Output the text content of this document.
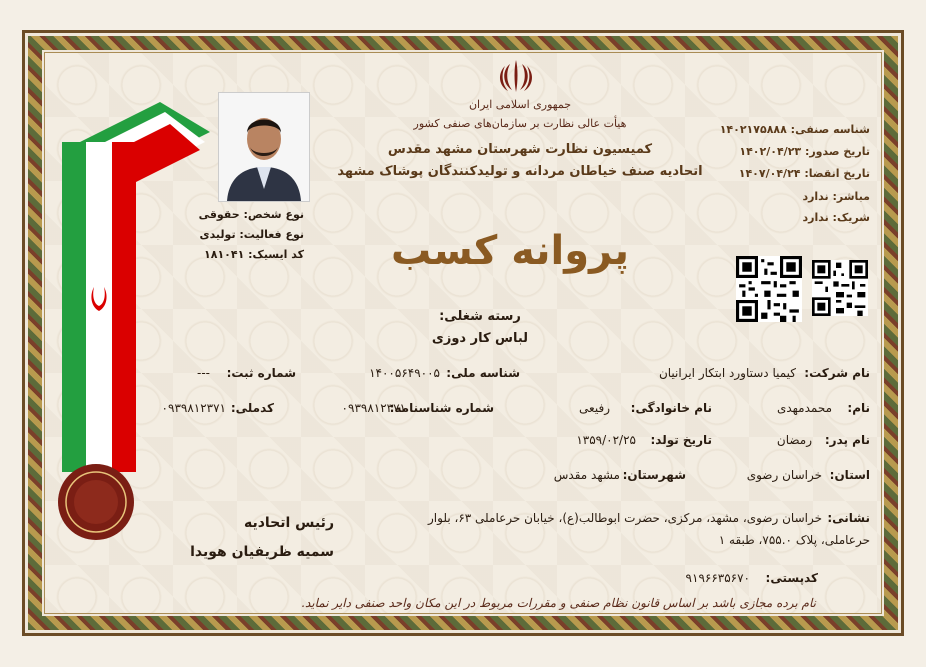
جمهوری اسلامی ایران
هیأت عالی نظارت بر سازمان‌های صنفی کشور
کمیسیون نظارت شهرستان مشهد مقدس
اتحادیه صنف خیاطان مردانه و تولیدکنندگان پوشاک مشهد
پروانه کسب
رسته شغلی:
لباس کار دوزی
شناسه صنفی: ۱۴۰۲۱۷۵۸۸۸
تاریخ صدور: ۱۴۰۲/۰۴/۲۳
تاریخ انقضا: ۱۴۰۷/۰۴/۲۴
مباشر: ندارد
شریک: ندارد
نوع شخص: حقوقی
نوع فعالیت: تولیدی
کد ایسیک: ۱۸۱۰۴۱
نام شرکت:
کیمیا دستاورد ابتکار ایرانیان
شناسه ملی:
۱۴۰۰۵۶۴۹۰۰۵
شماره ثبت:
---
نام:
محمدمهدی
نام خانوادگی:
رفیعی
شماره شناسنامه:
۰۹۳۹۸۱۲۳۷۱
کدملی:
۰۹۳۹۸۱۲۳۷۱
نام پدر:
رمضان
تاریخ تولد:
۱۳۵۹/۰۲/۲۵
استان:
خراسان رضوی
شهرستان:
مشهد مقدس
نشانی:
خراسان رضوی، مشهد، مرکزی، حضرت ابوطالب(ع)، خیابان حرعاملی ۶۳، بلوار
حرعاملی، پلاک ۷۵۵.۰، طبقه ۱
کدپستی:
۹۱۹۶۶۳۵۶۷۰
رئیس اتحادیه
سمیه ظریفیان هویدا
نام برده مجازی باشد بر اساس قانون نظام صنفی و مقررات مربوط در این مکان واحد صنفی دایر نماید.
